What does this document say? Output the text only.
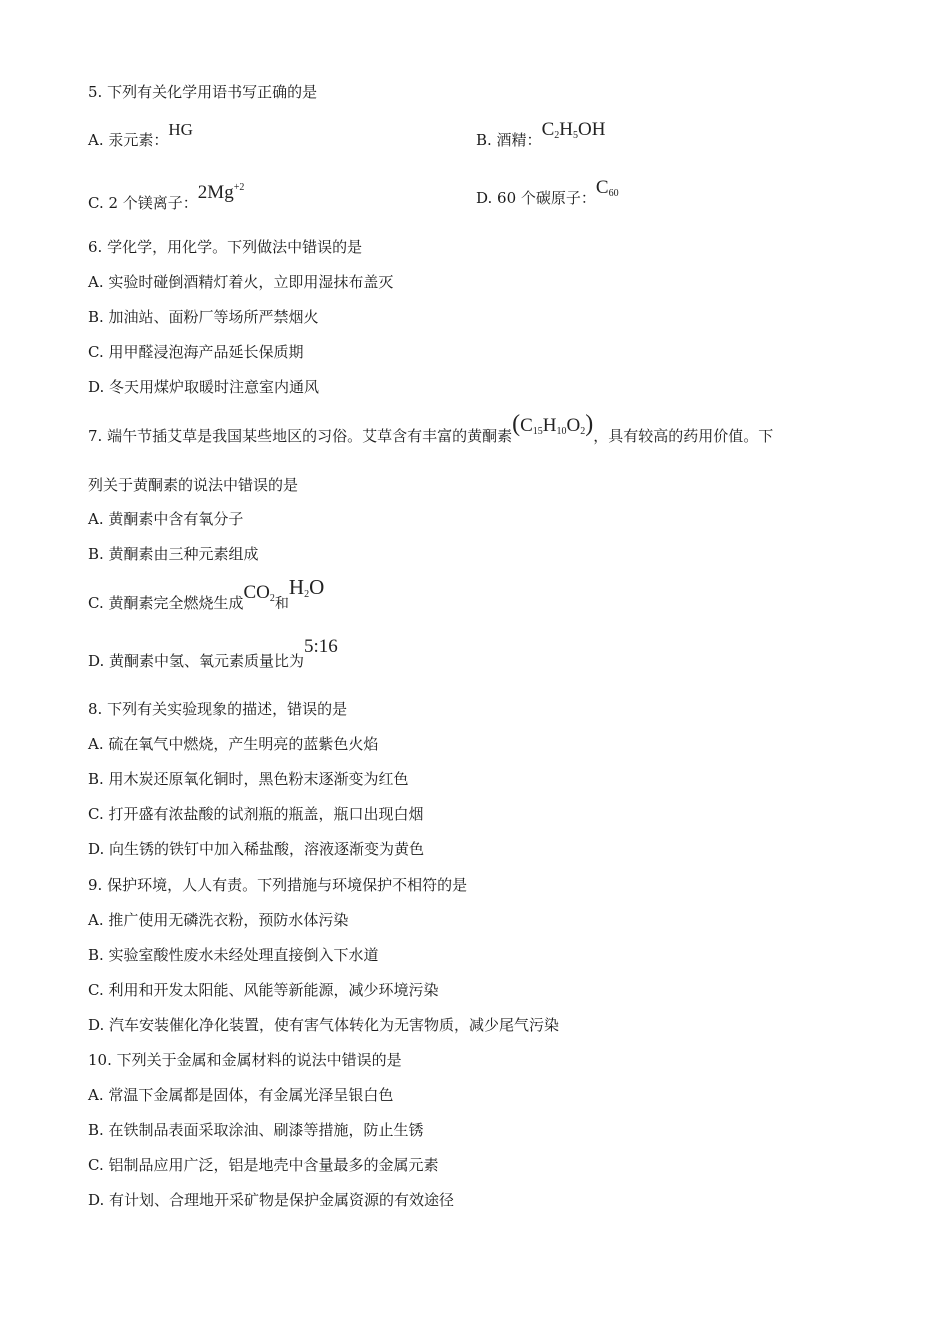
5. 下列有关化学用语书写正确的是
A. 汞元素：HG
B. 酒精：$C_2H_5OH$
C. 2 个镁离子：$2Mg^{+2}$
D. 60 个碳原子：$C_{60}$
6. 学化学，用化学。下列做法中错误的是
A. 实验时碰倒酒精灯着火，立即用湿抹布盖灭
B. 加油站、面粉厂等场所严禁烟火
C. 用甲醛浸泡海产品延长保质期
D. 冬天用煤炉取暖时注意室内通风
7. 端午节插艾草是我国某些地区的习俗。艾草含有丰富的黄酮素$(C_{15}H_{10}O_2)$，具有较高的药用价值。下
列关于黄酮素的说法中错误的是
A. 黄酮素中含有氧分子
B. 黄酮素由三种元素组成
C. 黄酮素完全燃烧生成$CO_2$和$H_2O$
D. 黄酮素中氢、氧元素质量比为5:16
8. 下列有关实验现象的描述，错误的是
A. 硫在氧气中燃烧，产生明亮的蓝紫色火焰
B. 用木炭还原氧化铜时，黑色粉末逐渐变为红色
C. 打开盛有浓盐酸的试剂瓶的瓶盖，瓶口出现白烟
D. 向生锈的铁钉中加入稀盐酸，溶液逐渐变为黄色
9. 保护环境，人人有责。下列措施与环境保护不相符的是
A. 推广使用无磷洗衣粉，预防水体污染
B. 实验室酸性废水未经处理直接倒入下水道
C. 利用和开发太阳能、风能等新能源，减少环境污染
D. 汽车安装催化净化装置，使有害气体转化为无害物质，减少尾气污染
10. 下列关于金属和金属材料的说法中错误的是
A. 常温下金属都是固体，有金属光泽呈银白色
B. 在铁制品表面采取涂油、刷漆等措施，防止生锈
C. 铝制品应用广泛，铝是地壳中含量最多的金属元素
D. 有计划、合理地开采矿物是保护金属资源的有效途径
